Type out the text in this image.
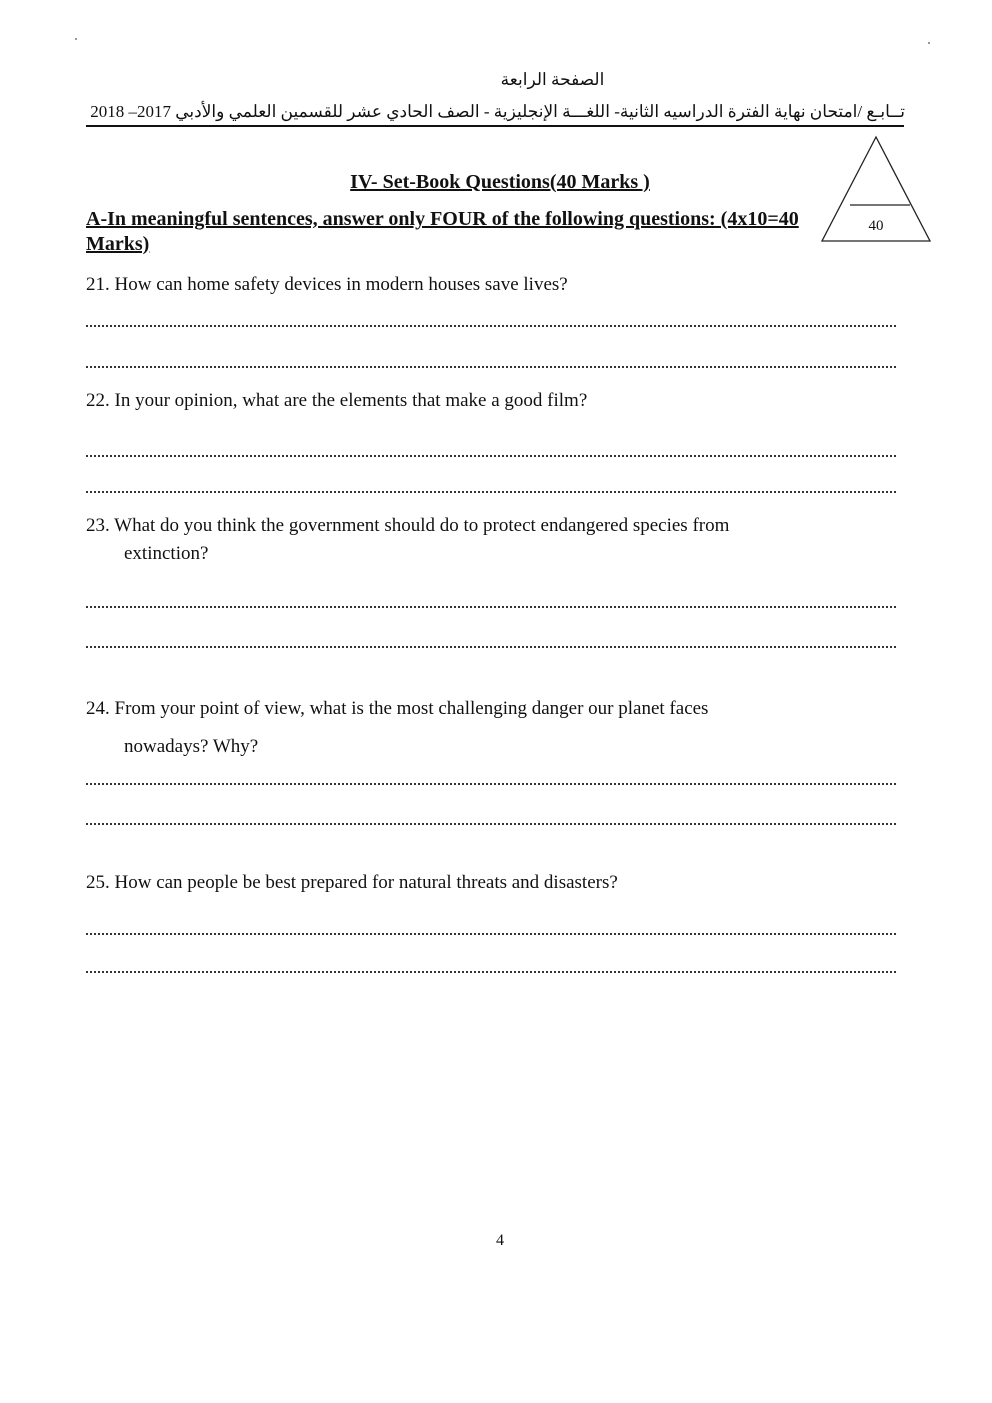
الصفحة الرابعة
تــابـع /امتحان نهاية الفترة الدراسيه الثانية- اللغـــة الإنجليزية - الصف الحادي عشر للقسمين العلمي والأدبي 2017– 2018
40
IV- Set-Book Questions(40 Marks )
A-In meaningful sentences, answer only FOUR of the following questions: (4x10=40 Marks)
21. How can home safety devices in modern houses save lives?
22. In your opinion, what are the elements that make a good film?
23. What do you think the government should do to protect endangered species from
extinction?
24. From your point of view, what is the most challenging danger our planet faces
nowadays? Why?
25. How can people be best prepared for natural threats and disasters?
4
